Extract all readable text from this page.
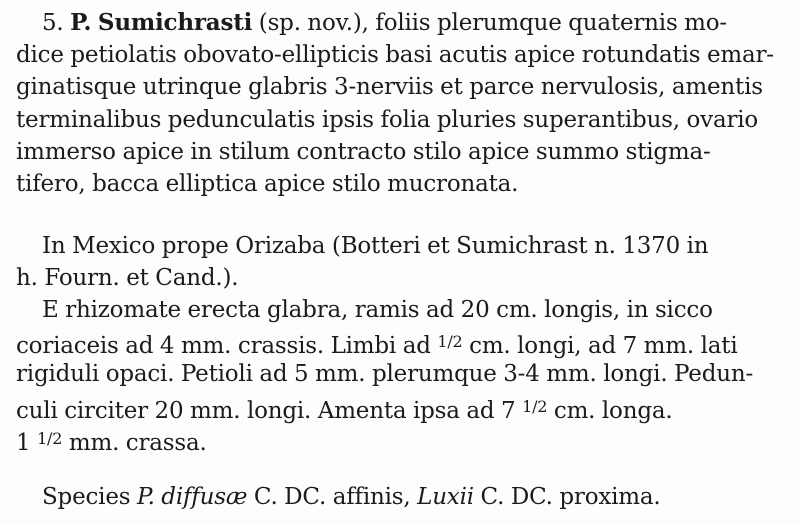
5. P. Sumichrasti (sp. nov.), foliis plerumque quaternis mo-
dice petiolatis obovato-ellipticis basi acutis apice rotundatis emar-
ginatisque utrinque glabris 3-nerviis et parce nervulosis, amentis
terminalibus pedunculatis ipsis folia pluries superantibus, ovario
immerso apice in stilum contracto stilo apice summo stigma-
tifero, bacca elliptica apice stilo mucronata.
In Mexico prope Orizaba (Botteri et Sumichrast n. 1370 in
h. Fourn. et Cand.).
E rhizomate erecta glabra, ramis ad 20 cm. longis, in sicco
coriaceis ad 4 mm. crassis. Limbi ad $^{1/2}$ cm. longi, ad 7 mm. lati
rigiduli opaci. Petioli ad 5 mm. plerumque 3-4 mm. longi. Pedun-
culi circiter 20 mm. longi. Amenta ipsa ad 7 $^{1/2}$ cm. longa.
1 $^{1/2}$ mm. crassa.
Species P. diffusæ C. DC. affinis, Luxii C. DC. proxima.
